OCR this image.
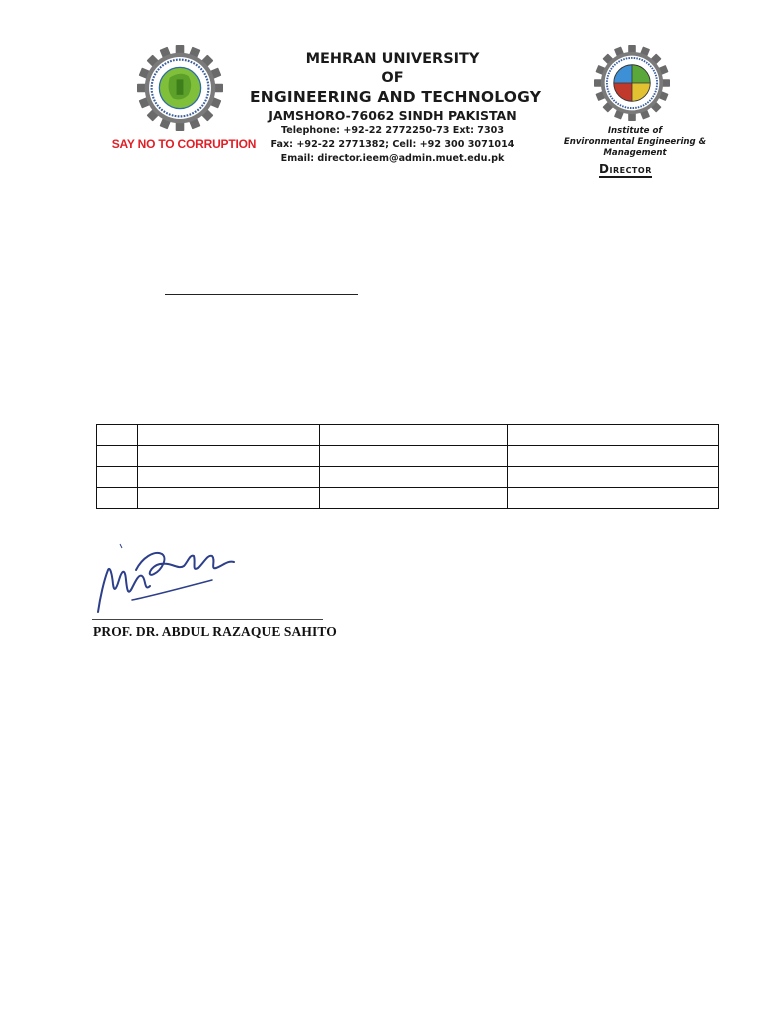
SAY NO TO CORRUPTION
MEHRAN UNIVERSITY
OF
ENGINEERING AND TECHNOLOGY
JAMSHORO-76062 SINDH PAKISTAN
Telephone: +92-22 2772250-73 Ext: 7303
Fax: +92-22 2771382; Cell: +92 300 3071014
Email: director.ieem@admin.muet.edu.pk
Institute of
Environmental Engineering &
Management
Director

PROF. DR. ABDUL RAZAQUE SAHITO
